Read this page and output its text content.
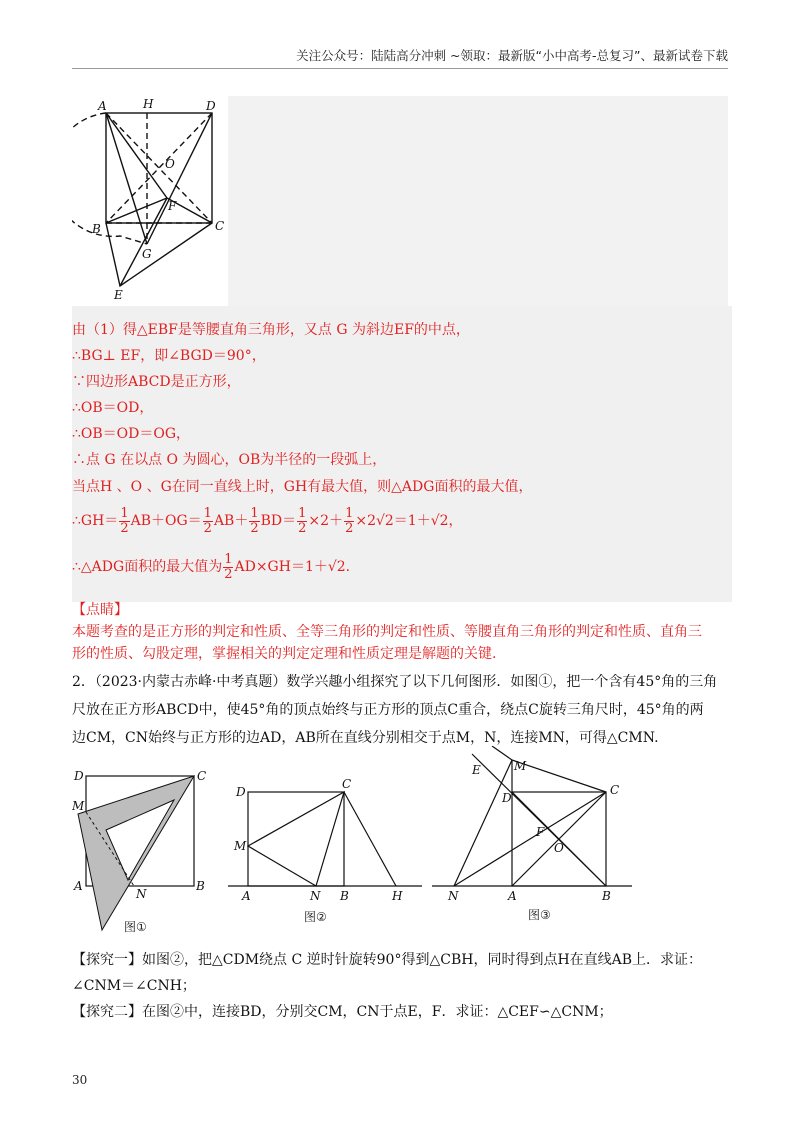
关注公众号：陆陆高分冲刺 ~领取：最新版“小中高考-总复习”、最新试卷下载
A	H	D
O
F
B	C
G
E
由（1）得△EBF是等腰直角三角形，又点 G 为斜边EF的中点，
∴BG⊥ EF，即∠BGD＝90°，
∵四边形ABCD是正方形，
∴OB＝OD，
∴OB＝OD＝OG，
∴点 G 在以点 O 为圆心，OB为半径的一段弧上，
当点H 、O 、G在同一直线上时，GH有最大值，则△ADG面积的最大值，
∴GH＝ $\frac{1}{2} AB+OG= \frac{1}{2} AB+ \frac{1}{2} BD= \frac{1}{2} \times 2+ \frac{1}{2} \times 2√2=1+√2$，
∴△ADG面积的最大值为 $\frac{1}{2} AD\times GH=1+√2$.
【点睛】
本题考查的是正方形的判定和性质、全等三角形的判定和性质、等腰直角三角形的判定和性质、直角三
形的性质、勾股定理，掌握相关的判定定理和性质定理是解题的关键.
2．（2023·内蒙古赤峰·中考真题）数学兴趣小组探究了以下几何图形．如图①，把一个含有45°角的三角
尺放在正方形ABCD中，使45°角的顶点始终与正方形的顶点C重合，绕点C旋转三角尺时，45°角的两
边CM，CN始终与正方形的边AD，AB所在直线分别相交于点M，N，连接MN，可得△CMN.
D	C
M
A
N
B
图①
D
C
M
A	N B	H
图②
E	M
D
C
F
O
N	A	B
图③
【探究一】如图②，把△CDM绕点 C 逆时针旋转90°得到△CBH，同时得到点H在直线AB上．求证：
∠CNM＝∠CNH；
【探究二】在图②中，连接BD，分别交CM，CN于点E，F．求证：△CEF∽△CNM；
30
